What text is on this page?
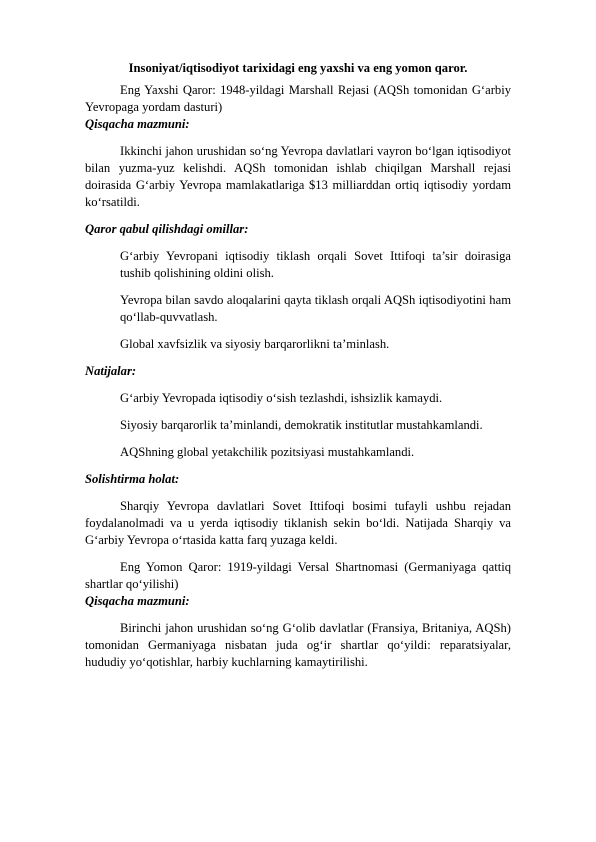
Insoniyat/iqtisodiyot tarixidagi eng yaxshi va eng yomon qaror.

Eng Yaxshi Qaror: 1948-yildagi Marshall Rejasi (AQSh tomonidan G‘arbiy Yevropaga yordam dasturi)

Qisqacha mazmuni:

Ikkinchi jahon urushidan so‘ng Yevropa davlatlari vayron bo‘lgan iqtisodiyot bilan yuzma-yuz kelishdi. AQSh tomonidan ishlab chiqilgan Marshall rejasi doirasida G‘arbiy Yevropa mamlakatlariga $13 milliarddan ortiq iqtisodiy yordam ko‘rsatildi.

Qaror qabul qilishdagi omillar:

G‘arbiy Yevropani iqtisodiy tiklash orqali Sovet Ittifoqi ta’sir doirasiga tushib qolishining oldini olish.

Yevropa bilan savdo aloqalarini qayta tiklash orqali AQSh iqtisodiyotini ham qo‘llab-quvvatlash.

Global xavfsizlik va siyosiy barqarorlikni ta’minlash.

Natijalar:

G‘arbiy Yevropada iqtisodiy o‘sish tezlashdi, ishsizlik kamaydi.

Siyosiy barqarorlik ta’minlandi, demokratik institutlar mustahkamlandi.

AQShning global yetakchilik pozitsiyasi mustahkamlandi.

Solishtirma holat:

Sharqiy Yevropa davlatlari Sovet Ittifoqi bosimi tufayli ushbu rejadan foydalanolmadi va u yerda iqtisodiy tiklanish sekin bo‘ldi. Natijada Sharqiy va G‘arbiy Yevropa o‘rtasida katta farq yuzaga keldi.

Eng Yomon Qaror: 1919-yildagi Versal Shartnomasi (Germaniyaga qattiq shartlar qo‘yilishi)

Qisqacha mazmuni:

Birinchi jahon urushidan so‘ng G‘olib davlatlar (Fransiya, Britaniya, AQSh) tomonidan Germaniyaga nisbatan juda og‘ir shartlar qo‘yildi: reparatsiyalar, hududiy yo‘qotishlar, harbiy kuchlarning kamaytirilishi.
